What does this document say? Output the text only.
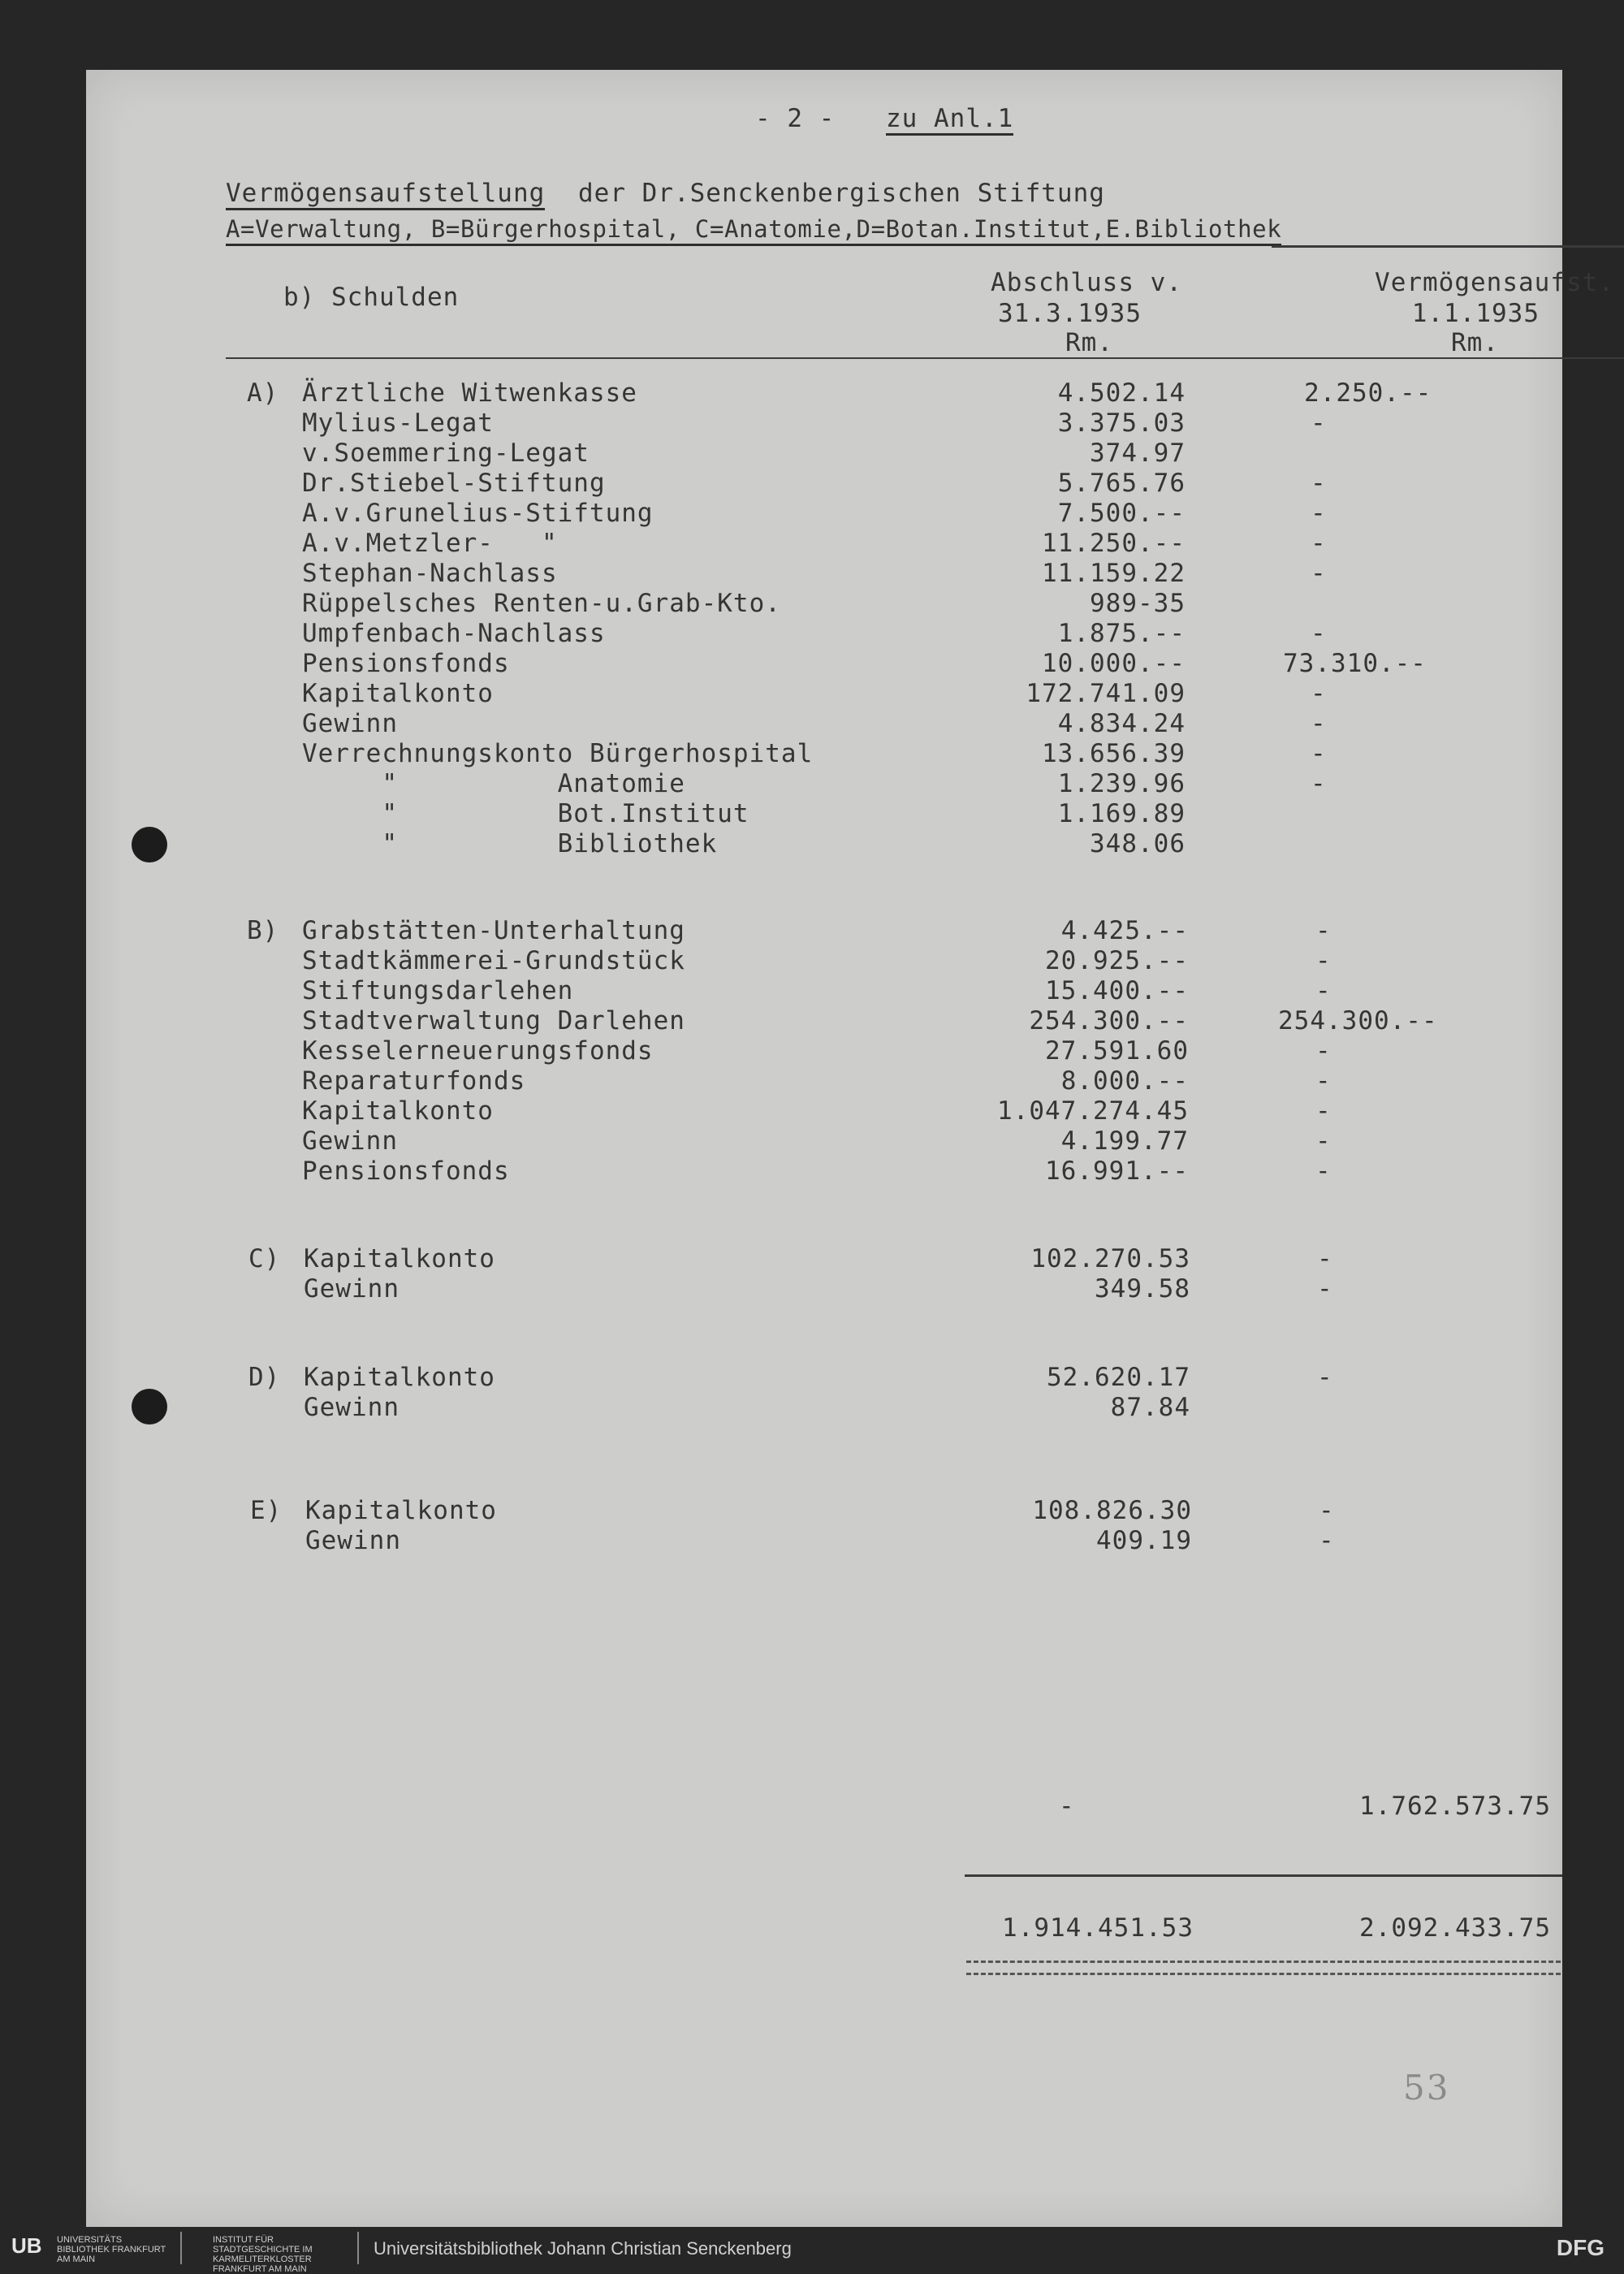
- 2 - zu Anl.1
Vermögensaufstellung der Dr.Senckenbergischen Stiftung
A=Verwaltung, B=Bürgerhospital, C=Anatomie,D=Botan.Institut,E.Bibliothek
b) Schulden	Abschluss v.
31.3.1935
Rm.
Vermögensaufst.
1.1.1935
Rm.
A) Ärztliche Witwenkasse	4.502.14	2.250.--
Mylius-Legat	3.375.03	-
v.Soemmering-Legat	374.97
Dr.Stiebel-Stiftung	5.765.76	-
A.v.Grunelius-Stiftung	7.500.--	-
A.v.Metzler-   "	11.250.--	-
Stephan-Nachlass	11.159.22	-
Rüppelsches Renten-u.Grab-Kto.	989-35
Umpfenbach-Nachlass	1.875.--	-
Pensionsfonds	10.000.--	73.310.--
Kapitalkonto	172.741.09	-
Gewinn	4.834.24	-
Verrechnungskonto Bürgerhospital	13.656.39	-
"          Anatomie	1.239.96	-
"          Bot.Institut	1.169.89
"          Bibliothek	348.06
B) Grabstätten-Unterhaltung	4.425.--	-
Stadtkämmerei-Grundstück	20.925.--	-
Stiftungsdarlehen	15.400.--	-
Stadtverwaltung Darlehen	254.300.--	254.300.--
Kesselerneuerungsfonds	27.591.60	-
Reparaturfonds	8.000.--	-
Kapitalkonto	1.047.274.45	-
Gewinn	4.199.77	-
Pensionsfonds	16.991.--	-
C) Kapitalkonto	102.270.53	-
Gewinn	349.58	-
D) Kapitalkonto	52.620.17	-
Gewinn	87.84
E) Kapitalkonto	108.826.30	-
Gewinn	409.19	-
-	1.762.573.75
1.914.451.53	2.092.433.75
53
UB UNIVERSITÄTS BIBLIOTHEK FRANKFURT AM MAIN
INSTITUT FÜR STADTGESCHICHTE IM KARMELITERKLOSTER FRANKFURT AM MAIN
Universitätsbibliothek Johann Christian Senckenberg	DFG
